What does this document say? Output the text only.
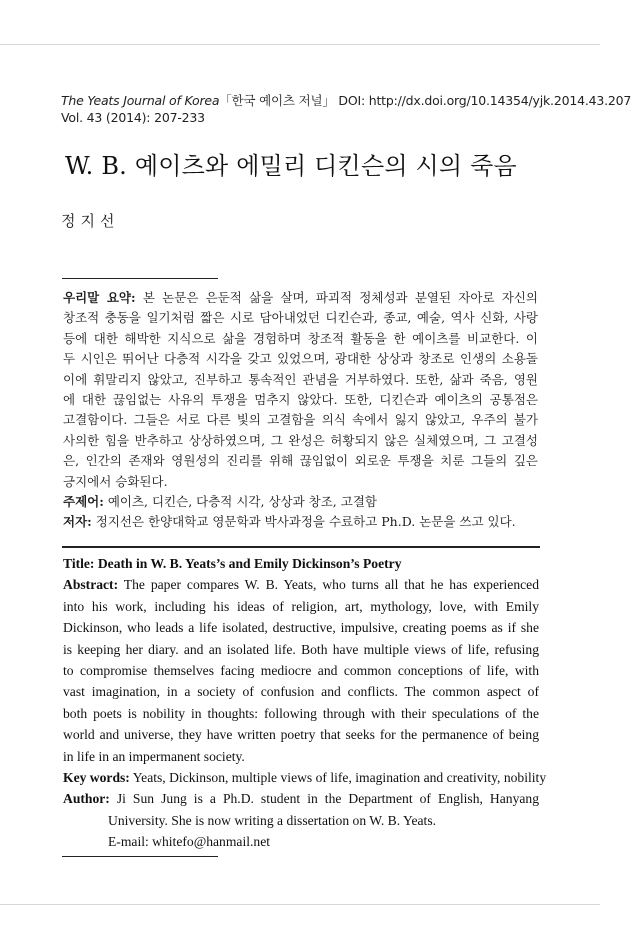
The Yeats Journal of Korea「한국 예이츠 저널」 DOI: http://dx.doi.org/10.14354/yjk.2014.43.207
Vol. 43 (2014): 207-233
W. B. 예이츠와 에밀리 디킨슨의 시의 죽음
정지선
우리말 요약: 본 논문은 은둔적 삶을 살며, 파괴적 정체성과 분열된 자아로 자신의
창조적 충동을 일기처럼 짧은 시로 담아내었던 디킨슨과, 종교, 예술, 역사 신화, 사랑
등에 대한 해박한 지식으로 삶을 경험하며 창조적 활동을 한 예이츠를 비교한다. 이
두 시인은 뛰어난 다층적 시각을 갖고 있었으며, 광대한 상상과 창조로 인생의 소용돌
이에 휘말리지 않았고, 진부하고 통속적인 관념을 거부하였다. 또한, 삶과 죽음, 영원
에 대한 끊임없는 사유의 투쟁을 멈추지 않았다. 또한, 디킨슨과 예이츠의 공통점은
고결함이다. 그들은 서로 다른 빛의 고결함을 의식 속에서 잃지 않았고, 우주의 불가
사의한 힘을 반추하고 상상하였으며, 그 완성은 허황되지 않은 실체였으며, 그 고결성
은, 인간의 존재와 영원성의 진리를 위해 끊임없이 외로운 투쟁을 치룬 그들의 깊은
긍지에서 승화된다.
주제어: 예이츠, 디킨슨, 다층적 시각, 상상과 창조, 고결함
저자: 정지선은 한양대학교 영문학과 박사과정을 수료하고 Ph.D. 논문을 쓰고 있다.
Title: Death in W. B. Yeats’s and Emily Dickinson’s Poetry
Abstract: The paper compares W. B. Yeats, who turns all that he has experienced
into his work, including his ideas of religion, art, mythology, love, with Emily
Dickinson, who leads a life isolated, destructive, impulsive, creating poems as if she
is keeping her diary. and an isolated life. Both have multiple views of life, refusing
to compromise themselves facing mediocre and common conceptions of life, with
vast imagination, in a society of confusion and conflicts. The common aspect of
both poets is nobility in thoughts: following through with their speculations of the
world and universe, they have written poetry that seeks for the permanence of being
in life in an impermanent society.
Key words: Yeats, Dickinson, multiple views of life, imagination and creativity, nobility
Author: Ji Sun Jung is a Ph.D. student in the Department of English, Hanyang
University. She is now writing a dissertation on W. B. Yeats.
E-mail: whitefo@hanmail.net
